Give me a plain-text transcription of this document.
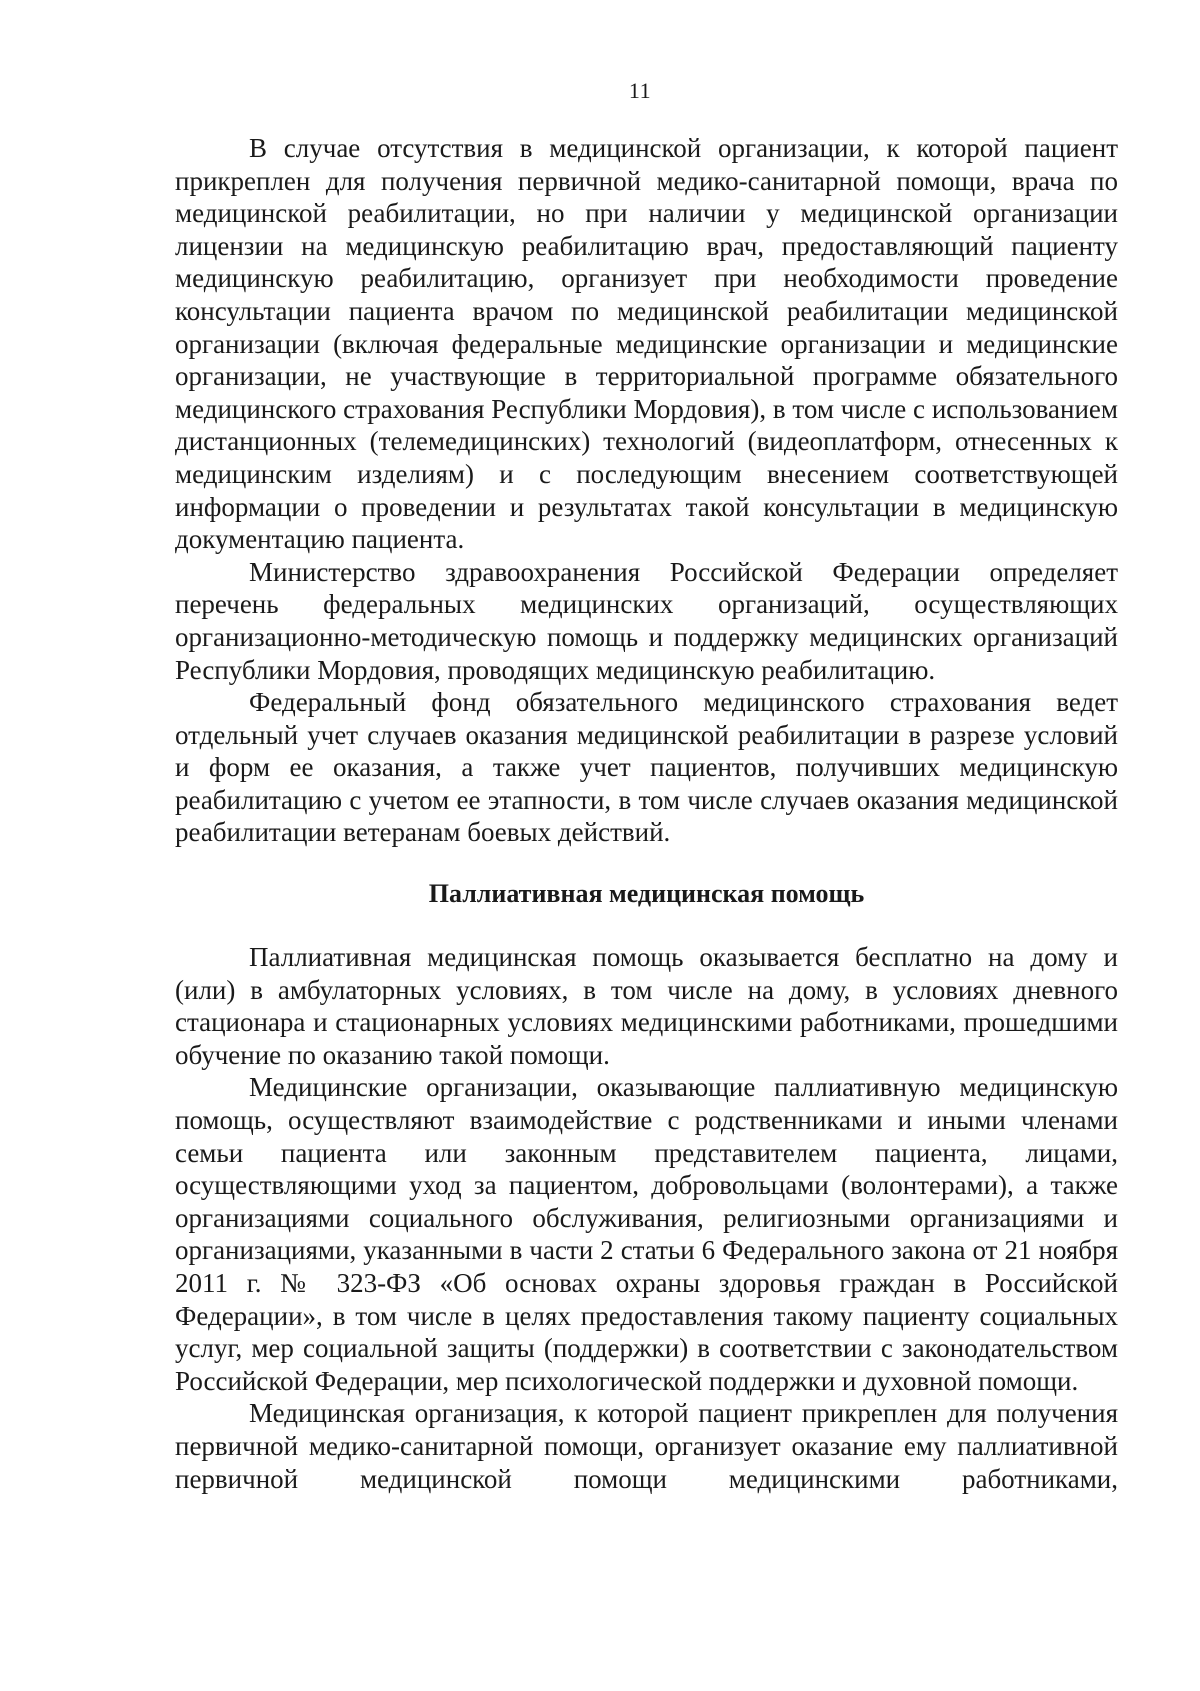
11

В случае отсутствия в медицинской организации, к которой пациент прикреплен для получения первичной медико-санитарной помощи, врача по медицинской реабилитации, но при наличии у медицинской организации лицензии на медицинскую реабилитацию врач, предоставляющий пациенту медицинскую реабилитацию, организует при необходимости проведение консультации пациента врачом по медицинской реабилитации медицинской организации (включая федеральные медицинские организации и медицинские организации, не участвующие в территориальной программе обязательного медицинского страхования Республики Мордовия), в том числе с использованием дистанционных (телемедицинских) технологий (видеоплатформ, отнесенных к медицинским изделиям) и с последующим внесением соответствующей информации о проведении и результатах такой консультации в медицинскую документацию пациента.

Министерство здравоохранения Российской Федерации определяет перечень федеральных медицинских организаций, осуществляющих организационно-методическую помощь и поддержку медицинских организаций Республики Мордовия, проводящих медицинскую реабилитацию.

Федеральный фонд обязательного медицинского страхования ведет отдельный учет случаев оказания медицинской реабилитации в разрезе условий и форм ее оказания, а также учет пациентов, получивших медицинскую реабилитацию с учетом ее этапности, в том числе случаев оказания медицинской реабилитации ветеранам боевых действий.

Паллиативная медицинская помощь

Паллиативная медицинская помощь оказывается бесплатно на дому и (или) в амбулаторных условиях, в том числе на дому, в условиях дневного стационара и стационарных условиях медицинскими работниками, прошедшими обучение по оказанию такой помощи.

Медицинские организации, оказывающие паллиативную медицинскую помощь, осуществляют взаимодействие с родственниками и иными членами семьи пациента или законным представителем пациента, лицами, осуществляющими уход за пациентом, добровольцами (волонтерами), а также организациями социального обслуживания, религиозными организациями и организациями, указанными в части 2 статьи 6 Федерального закона от 21 ноября 2011 г. № 323-ФЗ «Об основах охраны здоровья граждан в Российской Федерации», в том числе в целях предоставления такому пациенту социальных услуг, мер социальной защиты (поддержки) в соответствии с законодательством Российской Федерации, мер психологической поддержки и духовной помощи.

Медицинская организация, к которой пациент прикреплен для получения первичной медико-санитарной помощи, организует оказание ему паллиативной первичной медицинской помощи медицинскими работниками,
